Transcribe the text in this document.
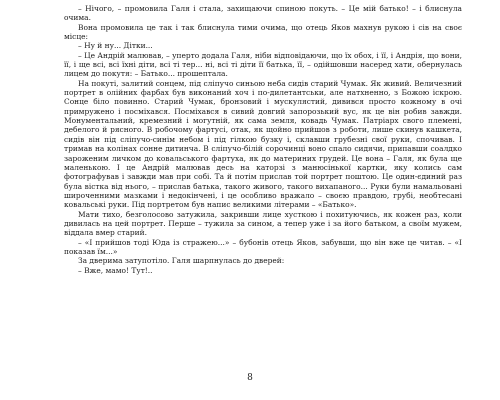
– Нічого, – промовила Галя і стала, захищаючи спиною покуть. – Це мій батько! – і блиснула очима.

Вона промовила це так і так блиснула тими очима, що отець Яков махнув рукою і сів на своє місце:

– Ну й ну... Дітки...

– Це Андрій малював, – уперто додала Галя, ніби відповідаючи, що їх обох, і її, і Андрія, що вони, її, і ще всі, всі їхні діти, всі ті тер... ні, всі ті діти її батька, її, – одійшовши насеред хати, обернулась лицем до покутя: – Батько... прошептала.

На покуті, залитий сонцем, під сліпучо синьою неба сидів старий Чумак. Як живий. Величезний портрет в олійних фарбах був виконаний хоч і по-дилетантськи, але натхненно, з Божою іскрою. Сонце біло повинно. Старий Чумак, бронзовий і мускулястий, дивився просто кожному в очі примружено і посміхався. Посміхався в сивий довгий запорозький вус, як це він робив завжди. Монументальний, кремезний і могутній, як сама земля, ковадь Чумак. Патріарх свого племені, дебелого й рясного. В робочому фартусі, отак, як щойно прийшов з роботи, лише скинув кашкета, сидів він під сліпучо-синім небом і під гілкою бузку і, склавши грубезні свої руки, спочивав. І тримав на колінах сонне дитинча. В сліпучо-білій сорочинці воно спало сидячи, припавши соалдко зароженим личком до ковальського фартуха, як до материних грудей. Це вона – Галя, як була ще маленькою. І це Андрій малював десь на каторзі з манюсінької картки, яку колись сам фотографував і завжди мав при собі. Та й потім прислав той портрет поштою. Це один-єдиний раз була вістка від нього, – прислав батька, такого живого, такого вихапаного... Руки були намальовані широченними мазками і недокінчені, і це особливо вражало – своєю правдою, грубі, необтесані ковальські руки. Під портретом був напис великими літерами – «Батько».

Мати тихо, безголосово затужила, закривши лице хусткою і похитуючись, як кожен раз, коли дивилась на цей портрет. Перше – тужила за сином, а тепер уже і за його батьком, а своїм мужем, віддала вмер старий.

– «І прийшов тоді Юда із стражею...» – бубонів отець Яков, забувши, що він вже це читав. – «І показав їм...»

За дверима затупотіло. Галя шарпнулась до дверей:

– Вже, мамо! Тут!..

8
